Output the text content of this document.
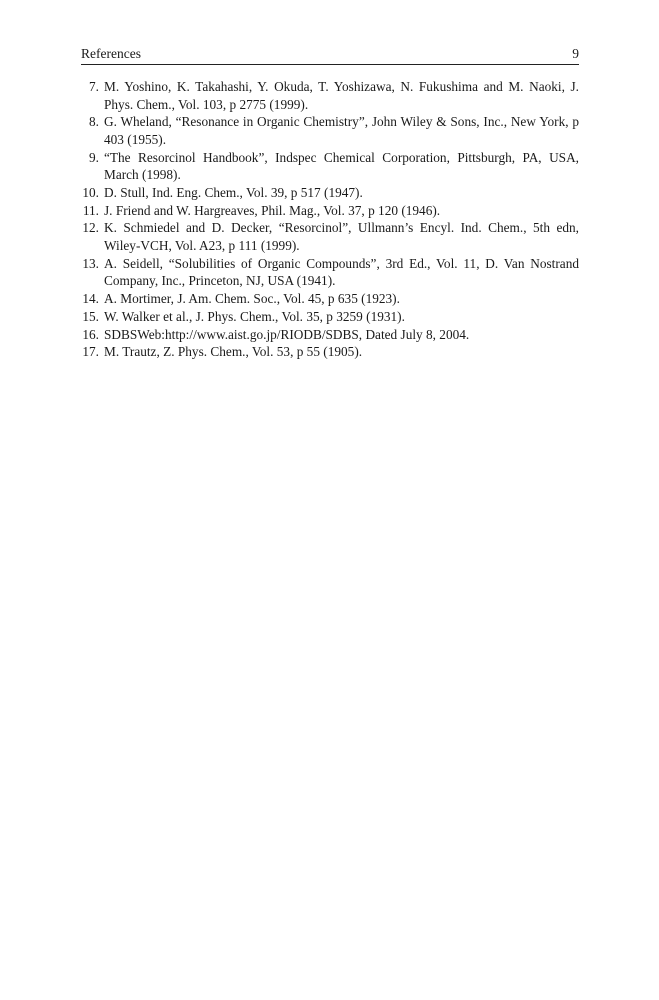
References	9
7. M. Yoshino, K. Takahashi, Y. Okuda, T. Yoshizawa, N. Fukushima and M. Naoki, J. Phys. Chem., Vol. 103, p 2775 (1999).
8. G. Wheland, “Resonance in Organic Chemistry”, John Wiley & Sons, Inc., New York, p 403 (1955).
9. “The Resorcinol Handbook”, Indspec Chemical Corporation, Pittsburgh, PA, USA, March (1998).
10. D. Stull, Ind. Eng. Chem., Vol. 39, p 517 (1947).
11. J. Friend and W. Hargreaves, Phil. Mag., Vol. 37, p 120 (1946).
12. K. Schmiedel and D. Decker, “Resorcinol”, Ullmann’s Encyl. Ind. Chem., 5th edn, Wiley-VCH, Vol. A23, p 111 (1999).
13. A. Seidell, “Solubilities of Organic Compounds”, 3rd Ed., Vol. 11, D. Van Nostrand Company, Inc., Princeton, NJ, USA (1941).
14. A. Mortimer, J. Am. Chem. Soc., Vol. 45, p 635 (1923).
15. W. Walker et al., J. Phys. Chem., Vol. 35, p 3259 (1931).
16. SDBSWeb:http://www.aist.go.jp/RIODB/SDBS, Dated July 8, 2004.
17. M. Trautz, Z. Phys. Chem., Vol. 53, p 55 (1905).
